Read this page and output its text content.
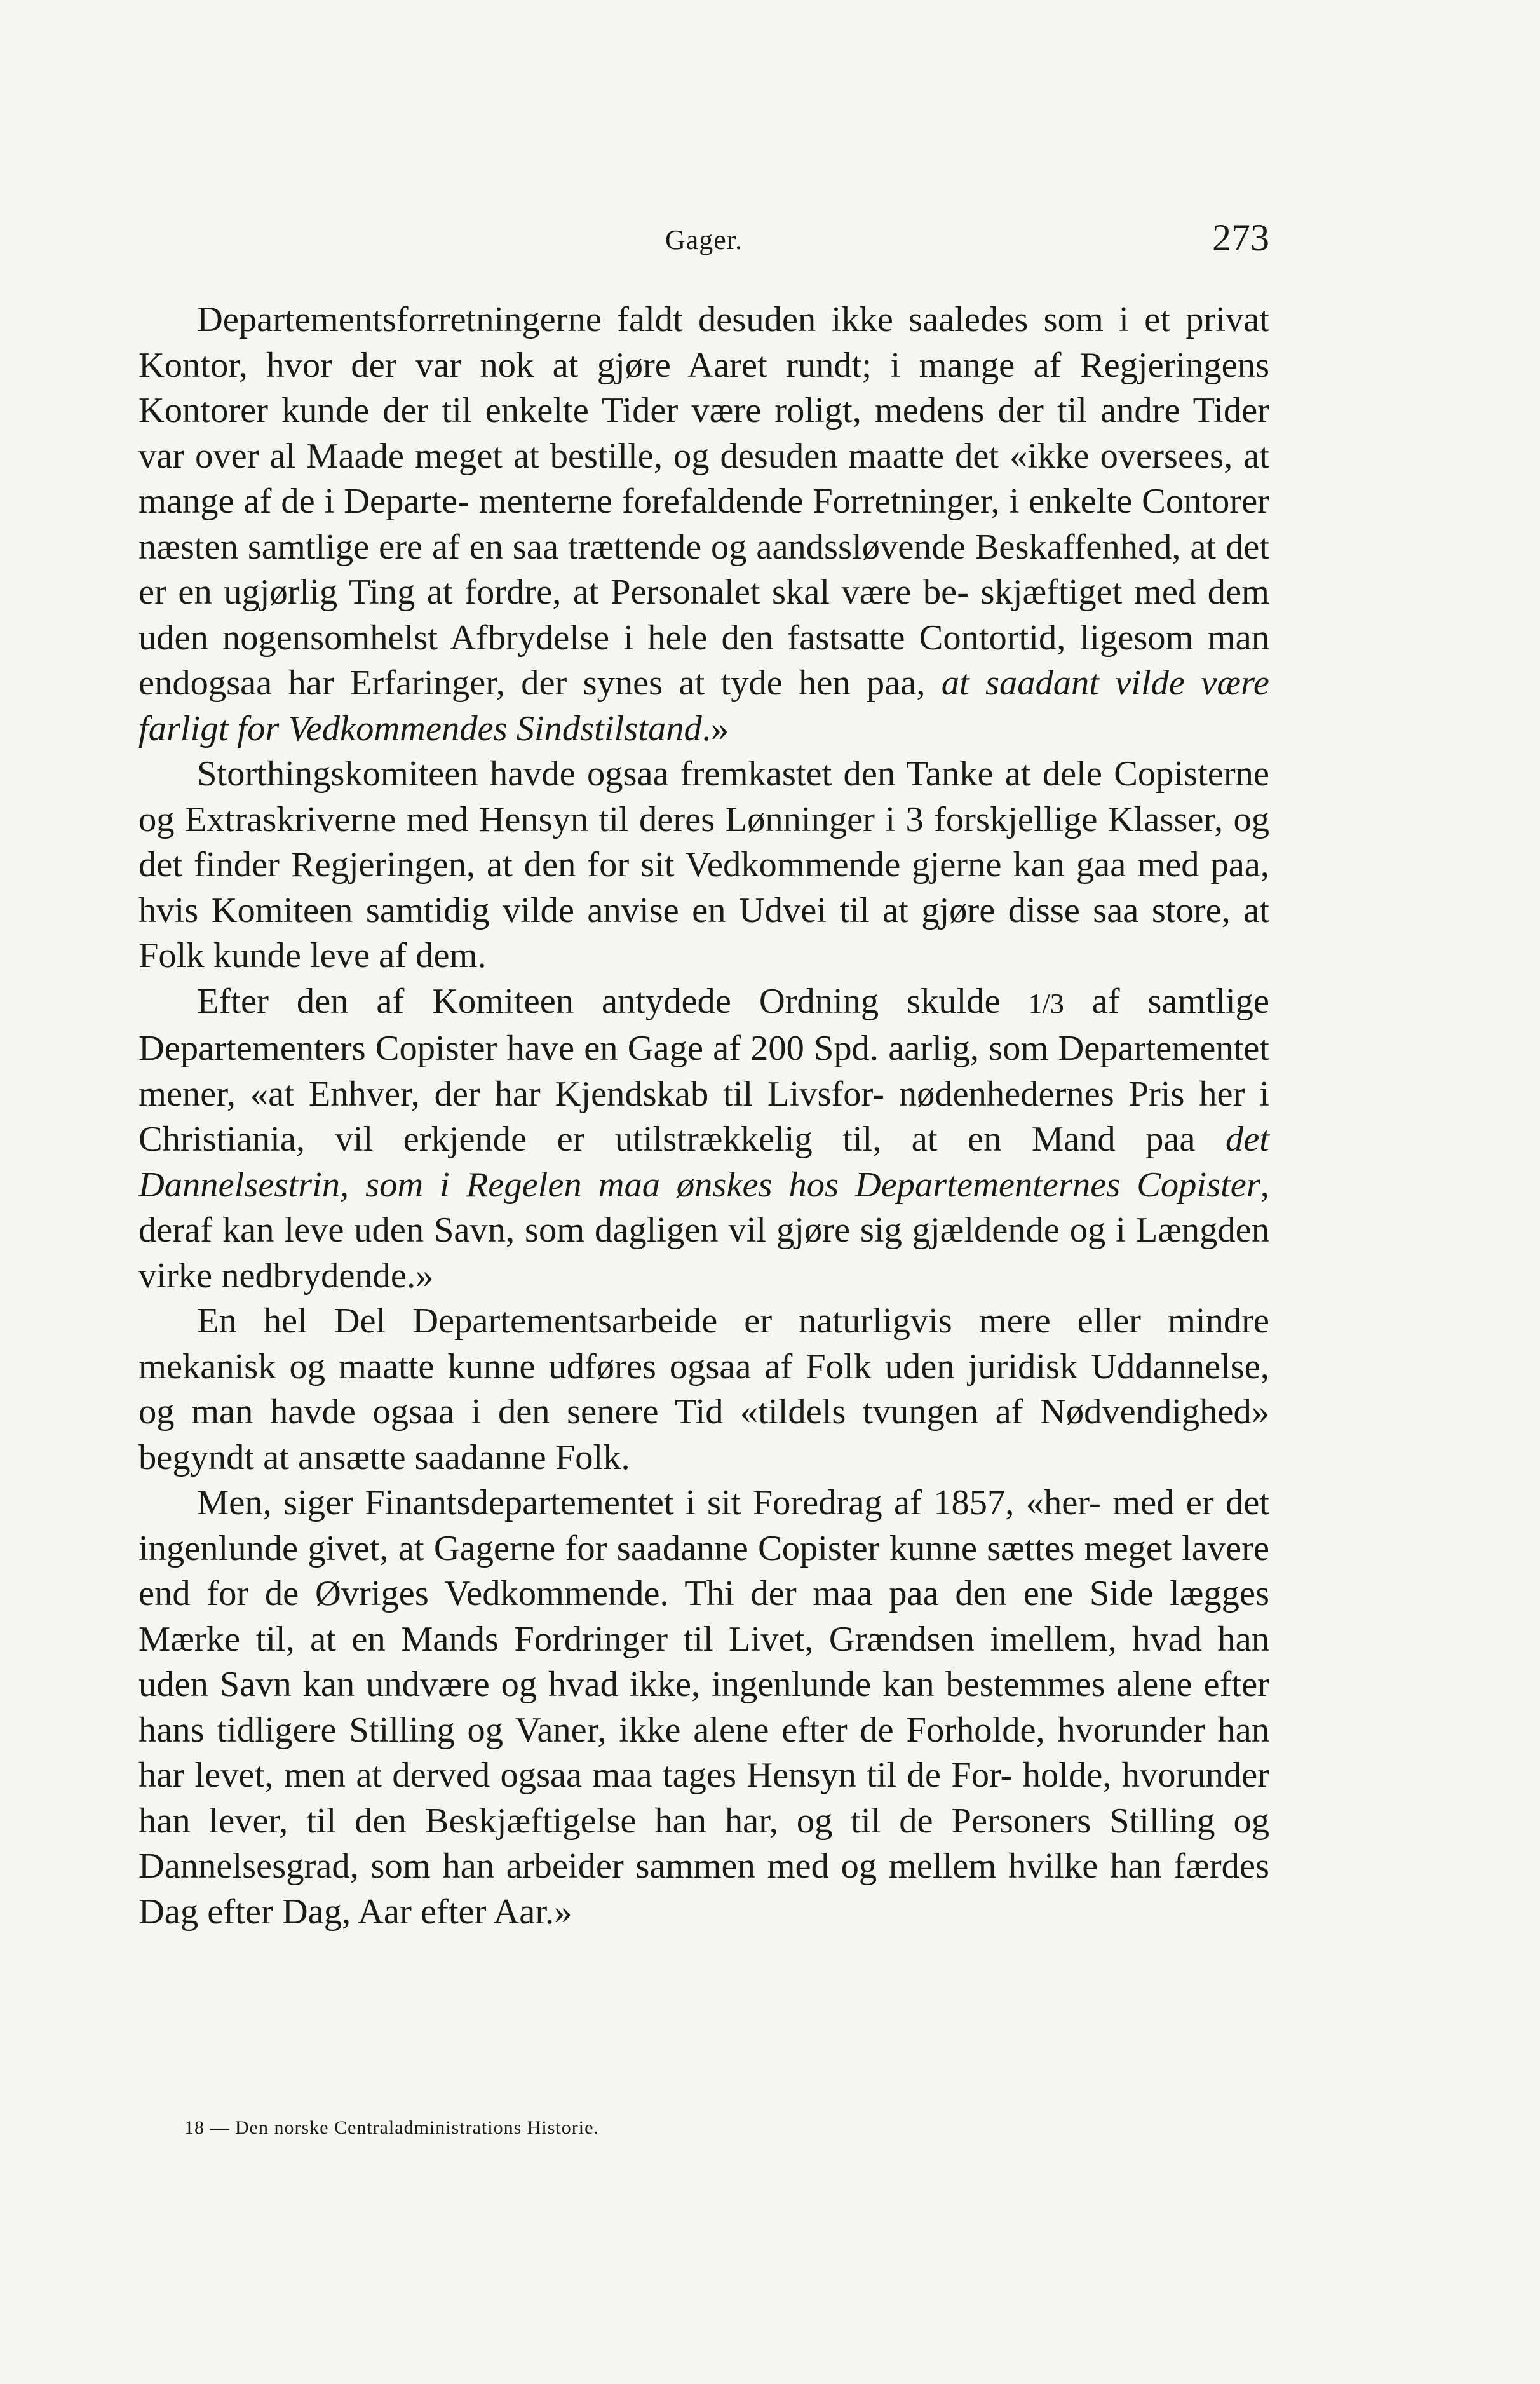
Gager.	273

Departementsforretningerne faldt desuden ikke saaledes som i et privat Kontor, hvor der var nok at gjøre Aaret rundt; i mange af Regjeringens Kontorer kunde der til enkelte Tider være roligt, medens der til andre Tider var over al Maade meget at bestille, og desuden maatte det «ikke oversees, at mange af de i Departe- menterne forefaldende Forretninger, i enkelte Contorer næsten samtlige ere af en saa trættende og aandssløvende Beskaffenhed, at det er en ugjørlig Ting at fordre, at Personalet skal være be- skjæftiget med dem uden nogensomhelst Afbrydelse i hele den fastsatte Contortid, ligesom man endogsaa har Erfaringer, der synes at tyde hen paa, at saadant vilde være farligt for Vedkommendes Sindstilstand.»

Storthingskomiteen havde ogsaa fremkastet den Tanke at dele Copisterne og Extraskriverne med Hensyn til deres Lønninger i 3 forskjellige Klasser, og det finder Regjeringen, at den for sit Vedkommende gjerne kan gaa med paa, hvis Komiteen samtidig vilde anvise en Udvei til at gjøre disse saa store, at Folk kunde leve af dem.

Efter den af Komiteen antydede Ordning skulde 1/3 af samtlige Departementers Copister have en Gage af 200 Spd. aarlig, som Departementet mener, «at Enhver, der har Kjendskab til Livsfor- nødenhedernes Pris her i Christiania, vil erkjende er utilstrækkelig til, at en Mand paa det Dannelsestrin, som i Regelen maa ønskes hos Departementernes Copister, deraf kan leve uden Savn, som dagligen vil gjøre sig gjældende og i Længden virke nedbrydende.»

En hel Del Departementsarbeide er naturligvis mere eller mindre mekanisk og maatte kunne udføres ogsaa af Folk uden juridisk Uddannelse, og man havde ogsaa i den senere Tid «tildels tvungen af Nødvendighed» begyndt at ansætte saadanne Folk.

Men, siger Finantsdepartementet i sit Foredrag af 1857, «her- med er det ingenlunde givet, at Gagerne for saadanne Copister kunne sættes meget lavere end for de Øvriges Vedkommende. Thi der maa paa den ene Side lægges Mærke til, at en Mands Fordringer til Livet, Grændsen imellem, hvad han uden Savn kan undvære og hvad ikke, ingenlunde kan bestemmes alene efter hans tidligere Stilling og Vaner, ikke alene efter de Forholde, hvorunder han har levet, men at derved ogsaa maa tages Hensyn til de For- holde, hvorunder han lever, til den Beskjæftigelse han har, og til de Personers Stilling og Dannelsesgrad, som han arbeider sammen med og mellem hvilke han færdes Dag efter Dag, Aar efter Aar.»

18 — Den norske Centraladministrations Historie.
